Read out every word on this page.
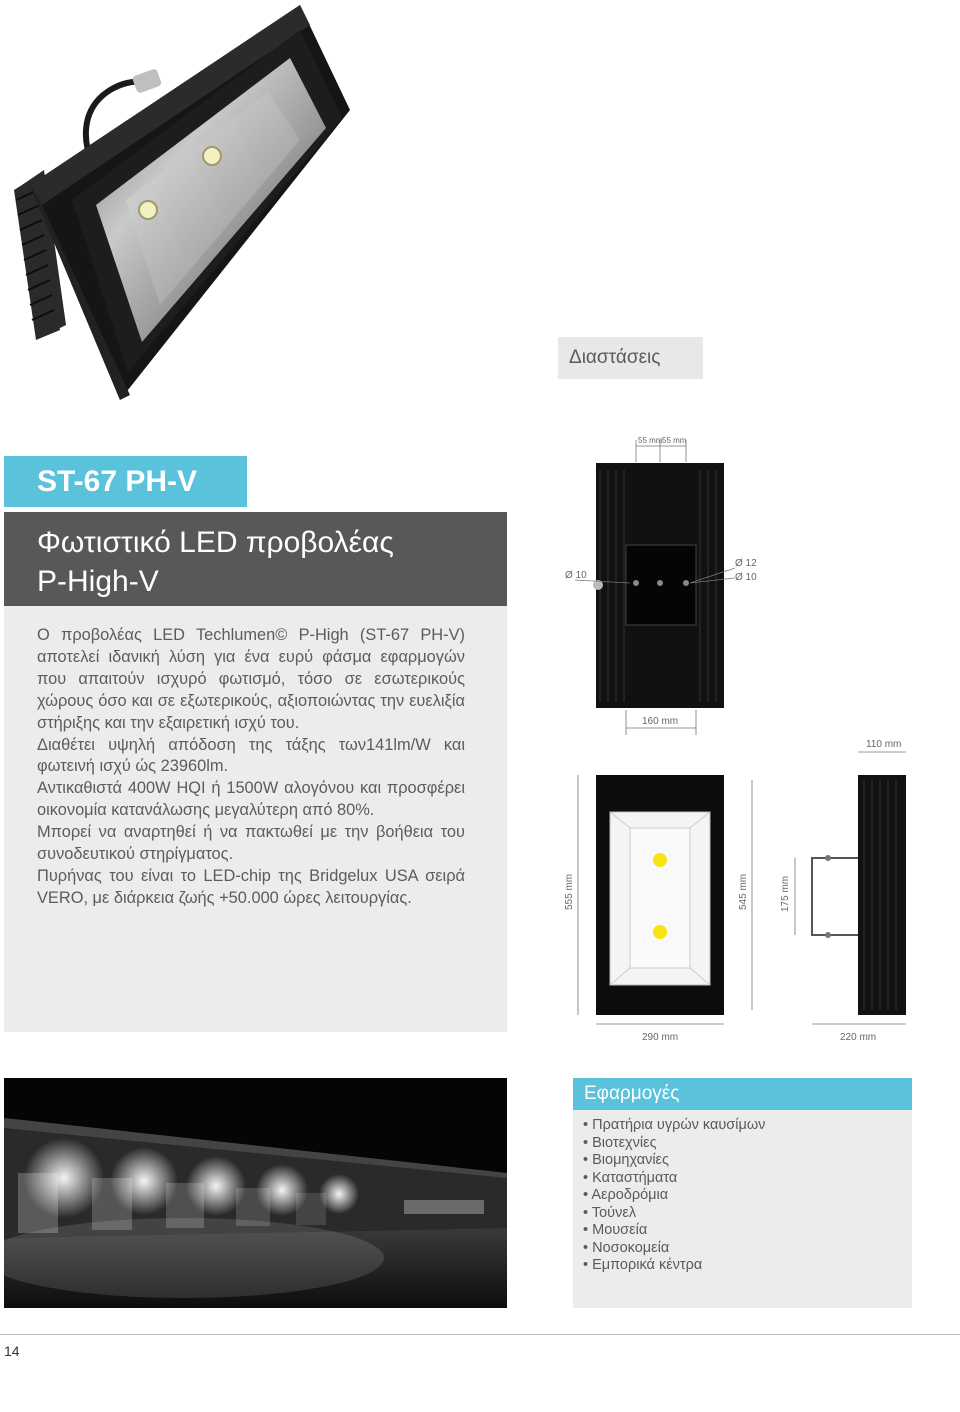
Διαστάσεις
ST-67 PH-V
Φωτιστικό LED προβολέας
P-High-V

Ο προβολέας LED Techlumen© P-High (ST-67 PH-V) αποτελεί ιδανική λύση για ένα ευρύ φάσμα εφαρμογών που απαιτούν ισχυρό φωτισμό, τόσο σε εσωτερικούς χώρους όσο και σε εξωτερικούς, αξιοποιώντας την ευελιξία στήριξης και την εξαιρετική ισχύ του.

Διαθέτει υψηλή απόδοση της τάξης των141lm/W και φωτεινή ισχύ ώς 23960lm.

Αντικαθιστά 400W HQI ή 1500W αλογόνου και προσφέρει οικονομία κατανάλωσης μεγαλύτερη από 80%.

Μπορεί να αναρτηθεί ή να πακτωθεί με την βοήθεια του συνοδευτικού στηρίγματος.

Πυρήνας του είναι το LED-chip της Bridgelux USA σειρά VERO, με διάρκεια ζωής +50.000 ώρες λειτουργίας.

55 mm 55 mm
Ø 10
Ø 12
Ø 10
160 mm
555 mm	545 mm
290 mm
110 mm
175 mm
220 mm
Εφαρμογές
• Πρατήρια υγρών καυσίμων
• Βιοτεχνίες
• Βιομηχανίες
• Καταστήματα
• Αεροδρόμια
• Τούνελ
• Μουσεία
• Νοσοκομεία
• Εμπορικά κέντρα
14
